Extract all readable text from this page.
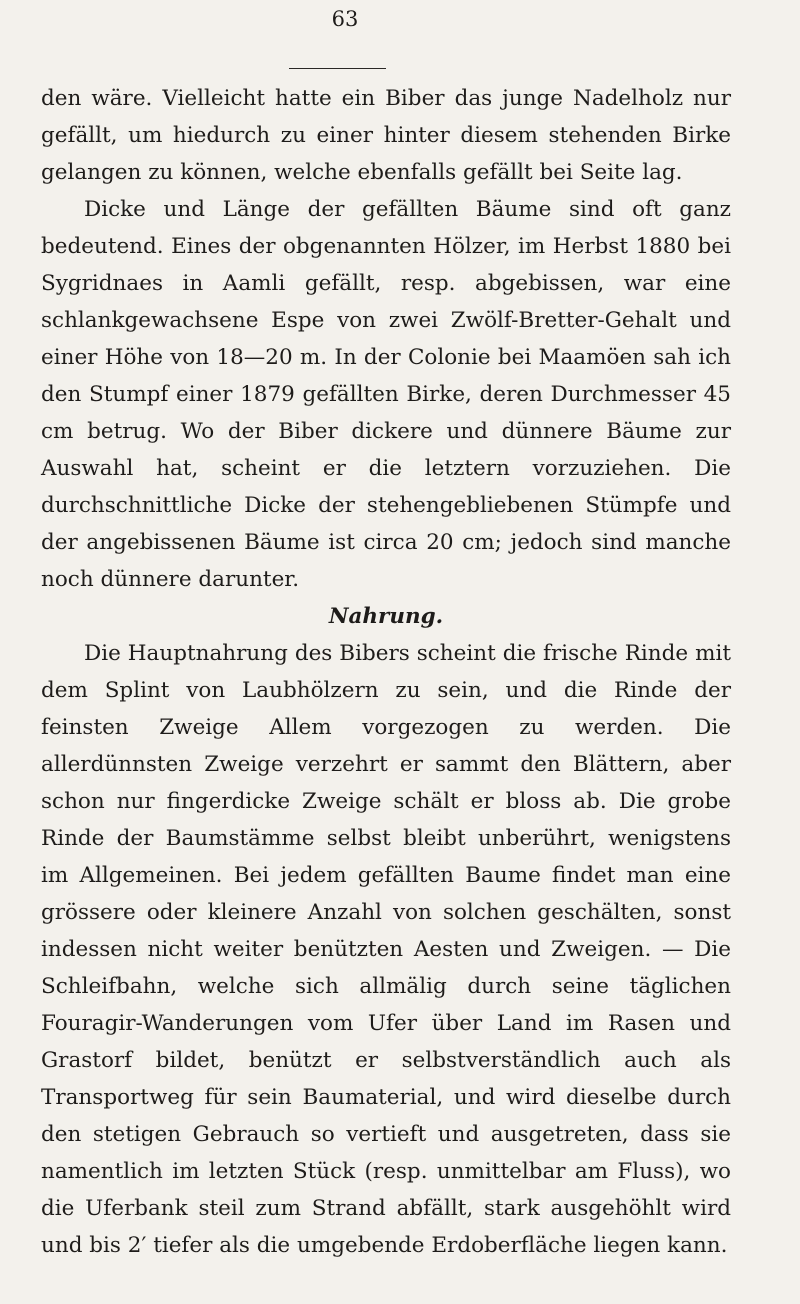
63

den wäre. Vielleicht hatte ein Biber das junge Nadelholz nur gefällt, um hiedurch zu einer hinter diesem stehenden Birke gelangen zu können, welche ebenfalls gefällt bei Seite lag.

Dicke und Länge der gefällten Bäume sind oft ganz bedeutend. Eines der obgenannten Hölzer, im Herbst 1880 bei Sygridnaes in Aamli gefällt, resp. abgebissen, war eine schlankgewachsene Espe von zwei Zwölf-Bretter-Gehalt und einer Höhe von 18—20 m. In der Colonie bei Maamöen sah ich den Stumpf einer 1879 gefällten Birke, deren Durchmesser 45 cm betrug. Wo der Biber dickere und dünnere Bäume zur Auswahl hat, scheint er die letztern vorzuziehen. Die durchschnittliche Dicke der stehengebliebenen Stümpfe und der angebissenen Bäume ist circa 20 cm; jedoch sind manche noch dünnere darunter.

Nahrung.

Die Hauptnahrung des Bibers scheint die frische Rinde mit dem Splint von Laubhölzern zu sein, und die Rinde der feinsten Zweige Allem vorgezogen zu werden. Die allerdünnsten Zweige verzehrt er sammt den Blättern, aber schon nur fingerdicke Zweige schält er bloss ab. Die grobe Rinde der Baumstämme selbst bleibt unberührt, wenigstens im Allgemeinen. Bei jedem gefällten Baume findet man eine grössere oder kleinere Anzahl von solchen geschälten, sonst indessen nicht weiter benützten Aesten und Zweigen. — Die Schleifbahn, welche sich allmälig durch seine täglichen Fouragir-Wanderungen vom Ufer über Land im Rasen und Grastorf bildet, benützt er selbstverständlich auch als Transportweg für sein Baumaterial, und wird dieselbe durch den stetigen Gebrauch so vertieft und ausgetreten, dass sie namentlich im letzten Stück (resp. unmittelbar am Fluss), wo die Uferbank steil zum Strand abfällt, stark ausgehöhlt wird und bis 2′ tiefer als die umgebende Erdoberfläche liegen kann.
